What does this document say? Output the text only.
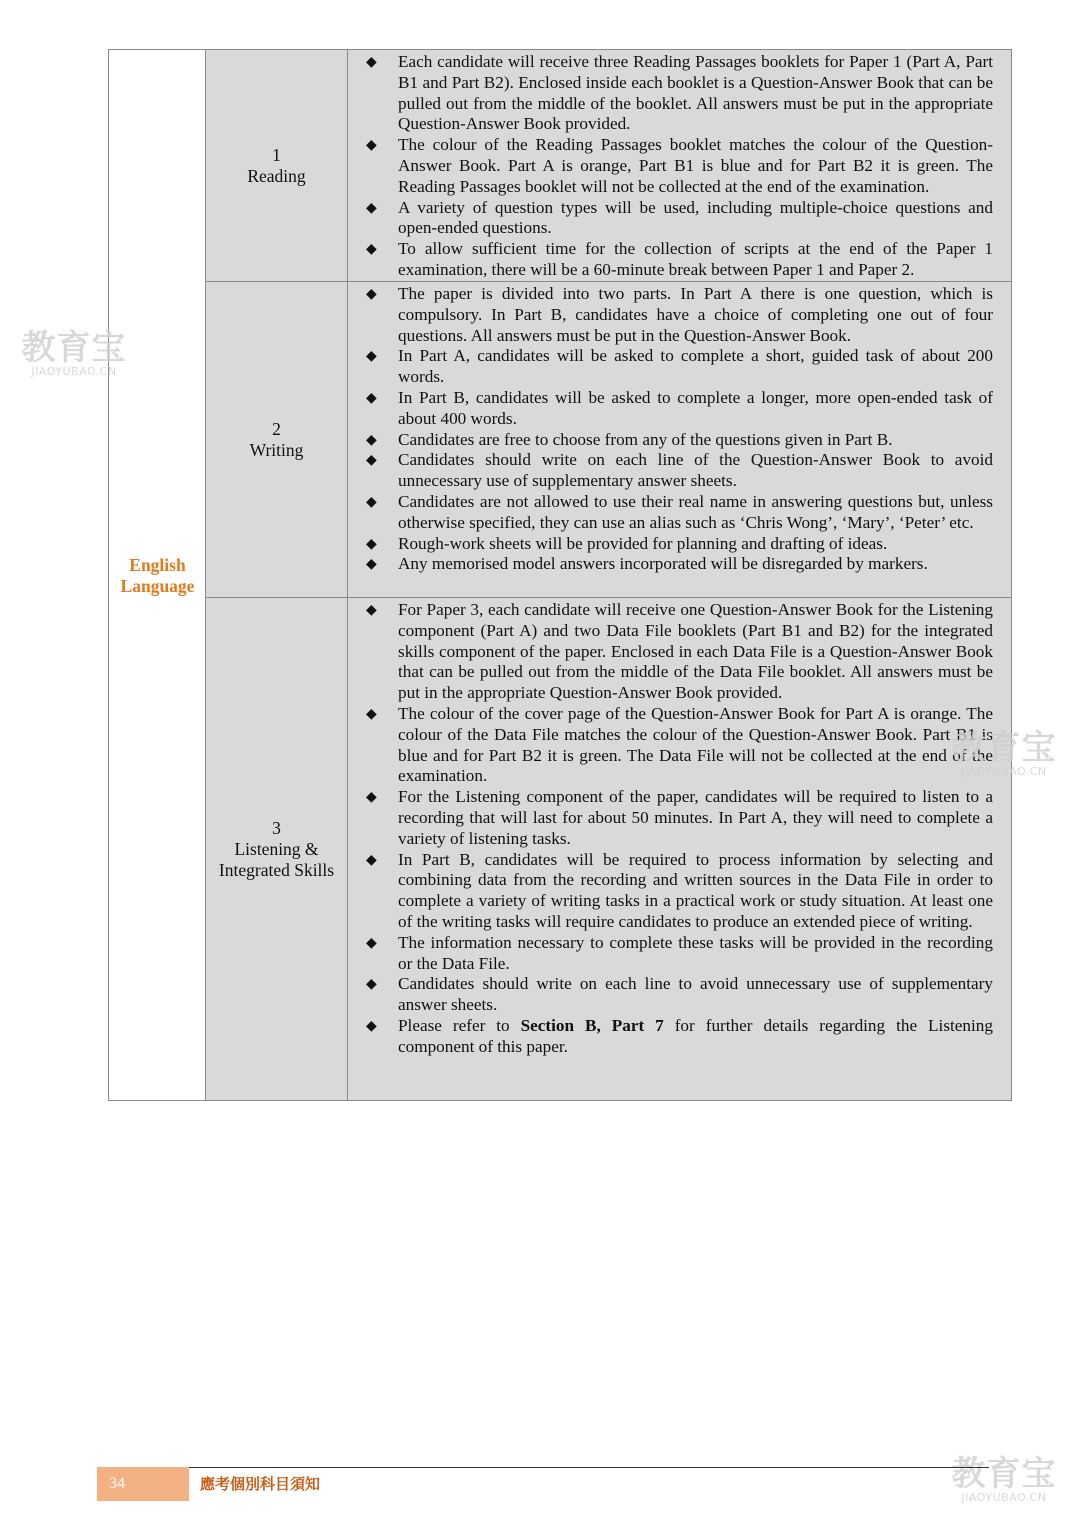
English
Language
1
Reading

◆ Each candidate will receive three Reading Passages booklets for Paper 1 (Part A, Part B1 and Part B2). Enclosed inside each booklet is a Question-Answer Book that can be pulled out from the middle of the booklet. All answers must be put in the appropriate Question-Answer Book provided.

◆ The colour of the Reading Passages booklet matches the colour of the Question-Answer Book. Part A is orange, Part B1 is blue and for Part B2 it is green. The Reading Passages booklet will not be collected at the end of the examination.

◆ A variety of question types will be used, including multiple-choice questions and open-ended questions.

◆ To allow sufficient time for the collection of scripts at the end of the Paper 1 examination, there will be a 60-minute break between Paper 1 and Paper 2.

2
Writing

◆ The paper is divided into two parts. In Part A there is one question, which is compulsory. In Part B, candidates have a choice of completing one out of four questions. All answers must be put in the Question-Answer Book.

◆ In Part A, candidates will be asked to complete a short, guided task of about 200 words.

◆ In Part B, candidates will be asked to complete a longer, more open-ended task of about 400 words.

◆ Candidates are free to choose from any of the questions given in Part B.

◆ Candidates should write on each line of the Question-Answer Book to avoid unnecessary use of supplementary answer sheets.

◆ Candidates are not allowed to use their real name in answering questions but, unless otherwise specified, they can use an alias such as ‘Chris Wong’, ‘Mary’, ‘Peter’ etc.

◆ Rough-work sheets will be provided for planning and drafting of ideas.

◆ Any memorised model answers incorporated will be disregarded by markers.

3
Listening &
Integrated Skills

◆ For Paper 3, each candidate will receive one Question-Answer Book for the Listening component (Part A) and two Data File booklets (Part B1 and B2) for the integrated skills component of the paper. Enclosed in each Data File is a Question-Answer Book that can be pulled out from the middle of the Data File booklet. All answers must be put in the appropriate Question-Answer Book provided.

◆ The colour of the cover page of the Question-Answer Book for Part A is orange. The colour of the Data File matches the colour of the Question-Answer Book. Part B1 is blue and for Part B2 it is green. The Data File will not be collected at the end of the examination.

◆ For the Listening component of the paper, candidates will be required to listen to a recording that will last for about 50 minutes. In Part A, they will need to complete a variety of listening tasks.

◆ In Part B, candidates will be required to process information by selecting and combining data from the recording and written sources in the Data File in order to complete a variety of writing tasks in a practical work or study situation. At least one of the writing tasks will require candidates to produce an extended piece of writing.

◆ The information necessary to complete these tasks will be provided in the recording or the Data File.

◆ Candidates should write on each line to avoid unnecessary use of supplementary answer sheets.

◆ Please refer to Section B, Part 7 for further details regarding the Listening component of this paper.

教育宝
JIAOYUBAO.CN
教育宝
JIAOYUBAO.CN
教育宝
JIAOYUBAO.CN
34	應考個別科目須知
